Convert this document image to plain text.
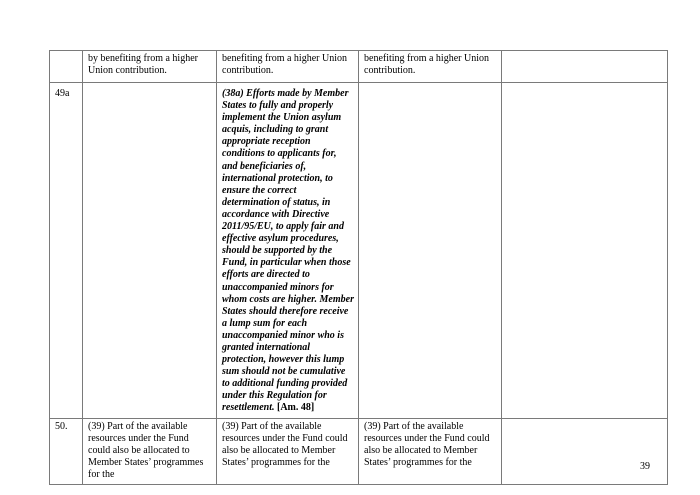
	by benefiting from a higher Union contribution.	benefiting from a higher Union contribution.	benefiting from a higher Union contribution.	
49a		(38a) Efforts made by Member States to fully and properly implement the Union asylum acquis, including to grant appropriate reception conditions to applicants for, and beneficiaries of, international protection, to ensure the correct determination of status, in accordance with Directive 2011/95/EU, to apply fair and effective asylum procedures, should be supported by the Fund, in particular when those efforts are directed to unaccompanied minors for whom costs are higher. Member States should therefore receive a lump sum for each unaccompanied minor who is granted international protection, however this lump sum should not be cumulative to additional funding provided under this Regulation for resettlement. [Am. 48]		
50.	(39) Part of the available resources under the Fund could also be allocated to Member States’ programmes for the	(39) Part of the available resources under the Fund could also be allocated to Member States’ programmes for the	(39) Part of the available resources under the Fund could also be allocated to Member States’ programmes for the		39
